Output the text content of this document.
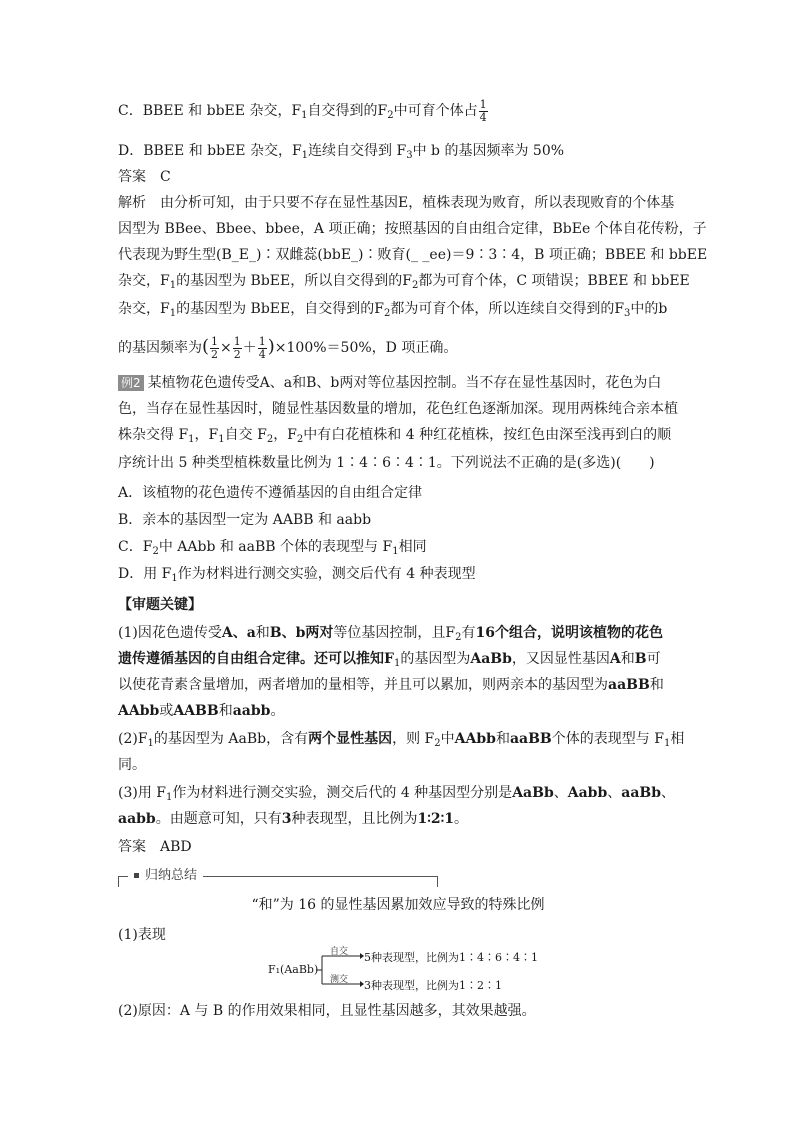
C．BBEE 和 bbEE 杂交，$F_1$自交得到的$F_2$中可育个体占 $\frac{1}{4}$
D．BBEE 和 bbEE 杂交，$F_1$连续自交得到 $F_3$中 b 的基因频率为 50%
答案 C
解析 由分析可知，由于只要不存在显性基因E，植株表现为败育，所以表现败育的个体基
因型为 BBee、Bbee、bbee，A 项正确；按照基因的自由组合定律，BbEe 个体自花传粉，子
代表现为野生型(B_E_)∶双雌蕊(bbE_)∶败育(_ _ee)＝9∶3∶4，B 项正确；BBEE 和 bbEE
杂交，$F_1$的基因型为 BbEE，所以自交得到的$F_2$都为可育个体，C 项错误；BBEE 和 bbEE
杂交，$F_1$的基因型为 BbEE，自交得到的$F_2$都为可育个体，所以连续自交得到的$F_3$中的b
的基因频率为( $\frac{1}{2} \times \frac{1}{2} + \frac{1}{4} )\times 100\%=50\%$，D 项正确。
例2 某植物花色遗传受A、a和B、b两对等位基因控制。当不存在显性基因时，花色为白
色，当存在显性基因时，随显性基因数量的增加，花色红色逐渐加深。现用两株纯合亲本植
株杂交得 $F_1$，$F_1$自交 $F_2$，$F_2$中有白花植株和 4 种红花植株，按红色由深至浅再到白的顺
序统计出 5 种类型植株数量比例为 1∶4∶6∶4∶1。下列说法不正确的是(多选)(　　)
A．该植物的花色遗传不遵循基因的自由组合定律
B．亲本的基因型一定为 AABB 和 aabb
C．$F_2$中 AAbb 和 aaBB 个体的表现型与 $F_1$相同
D．用 $F_1$作为材料进行测交实验，测交后代有 4 种表现型
【审题关键】
(1)因花色遗传受A、a和B、b两对等位基因控制，且$F_2$有16个组合，说明该植物的花色
遗传遵循基因的自由组合定律。还可以推知$F_1$的基因型为AaBb，又因显性基因A和B可
以使花青素含量增加，两者增加的量相等，并且可以累加，则两亲本的基因型为aaBB和
AAbb或AABB和aabb。
$(2)F_1$的基因型为 AaBb，含有两个显性基因，则 $F_2$中AAbb和aaBB个体的表现型与 $F_1$相
同。
(3)用 $F_1$作为材料进行测交实验，测交后代的 4 种基因型分别是AaBb、Aabb、aaBb、
aabb。由题意可知，只有3种表现型，且比例为1∶2∶1。
答案 ABD
归纳总结
“和”为 16 的显性基因累加效应导致的特殊比例
(1)表现
F₁(AaBb)
自交 5种表现型，比例为1∶4∶6∶4∶1
测交 3种表现型，比例为1∶2∶1
(2)原因：A 与 B 的作用效果相同，且显性基因越多，其效果越强。
